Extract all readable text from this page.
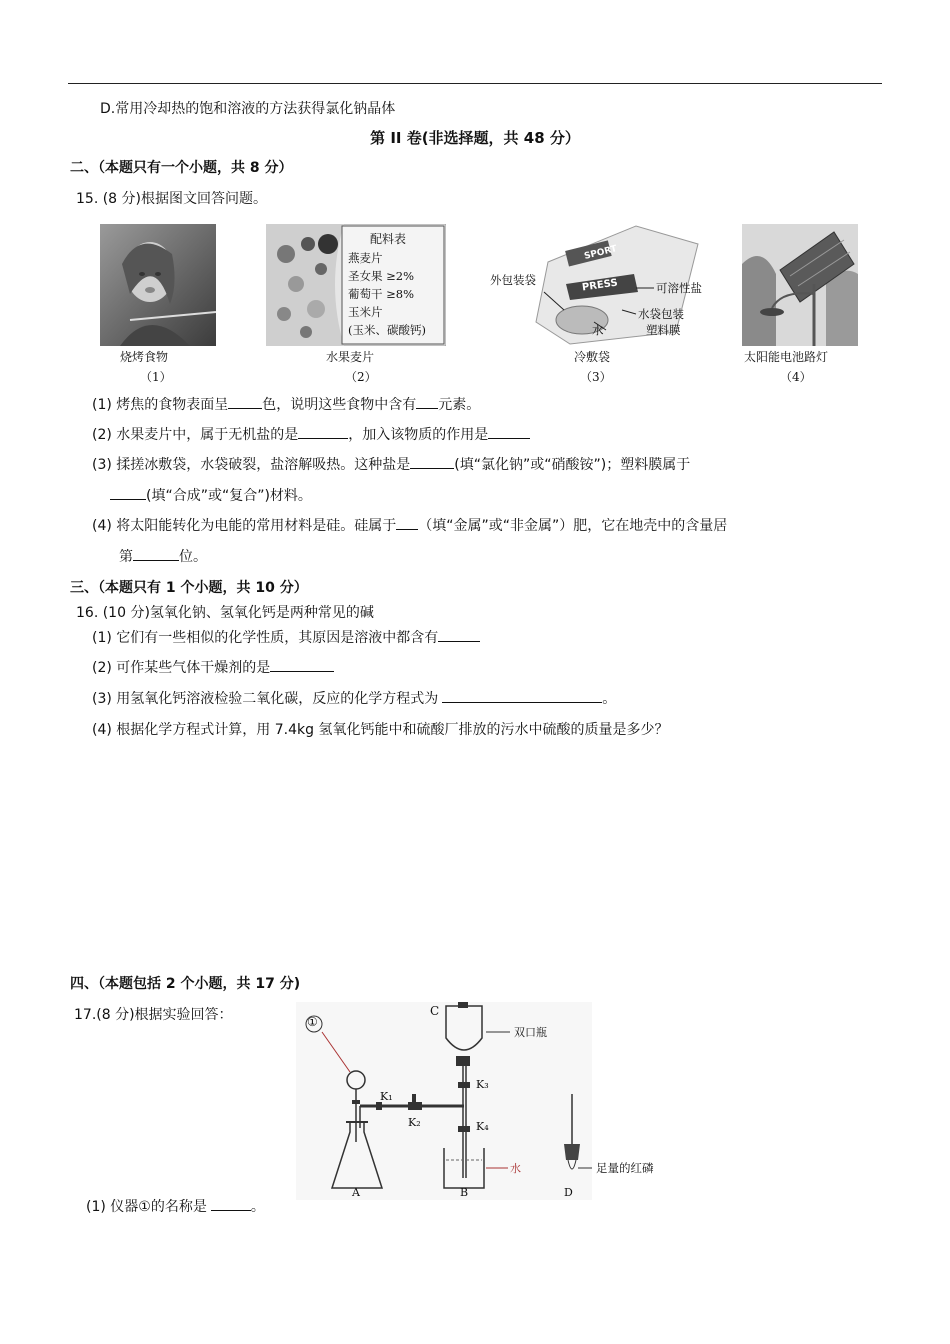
D.常用冷却热的饱和溶液的方法获得氯化钠晶体
第 II 卷(非选择题，共 48 分）
二、（本题只有一个小题，共 8 分）
15. (8 分)根据图文回答问题。
烧烤食物
（1）
配料表
燕麦片
圣女果 ≥2%
葡萄干 ≥8%
玉米片
(玉米、碳酸钙)
水果麦片
（2）
SPORT
PRESS
外包装袋
可溶性盐
水
水袋包装
塑料膜
冷敷袋
（3）
太阳能电池路灯
（4）
(1) 烤焦的食物表面呈 色，说明这些食物中含有 元素。
(2) 水果麦片中，属于无机盐的是	，加入该物质的作用是
(3) 揉搓冰敷袋，水袋破裂，盐溶解吸热。这种盐是	(填“氯化钠”或“硝酸铵”)；塑料膜属于
(填“合成”或“复合”)材料。
(4) 将太阳能转化为电能的常用材料是硅。硅属于 （填“金属”或“非金属”）肥，它在地壳中的含量居
第	位。
三、（本题只有 1 个小题，共 10 分）
16. (10 分)氢氧化钠、氢氧化钙是两种常见的碱
(1) 它们有一些相似的化学性质，其原因是溶液中都含有
(2) 可作某些气体干燥剂的是
(3) 用氢氧化钙溶液检验二氧化碳，反应的化学方程式为	。
(4) 根据化学方程式计算，用 7.4kg 氢氧化钙能中和硫酸厂排放的污水中硫酸的质量是多少？
四、（本题包括 2 个小题，共 17 分)
17.(8 分)根据实验回答：	①
C
双口瓶
K₁
K₂
K₃
K₄
水
A	B	D
足量的红磷
(1) 仪器①的名称是	。
